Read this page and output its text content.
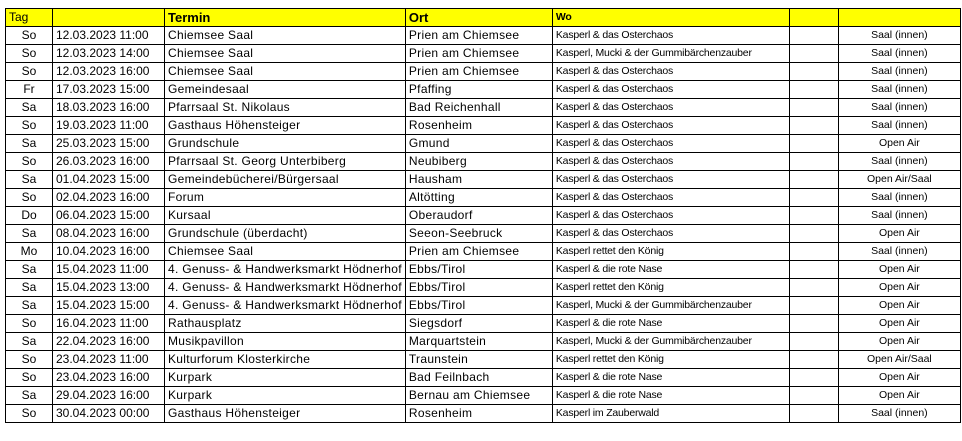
Tag		Termin	Ort	Wo		
So	12.03.2023 11:00	Chiemsee Saal	Prien am Chiemsee	Kasperl & das Osterchaos		Saal (innen)
So	12.03.2023 14:00	Chiemsee Saal	Prien am Chiemsee	Kasperl, Mucki & der Gummibärchenzauber		Saal (innen)
So	12.03.2023 16:00	Chiemsee Saal	Prien am Chiemsee	Kasperl & das Osterchaos		Saal (innen)
Fr	17.03.2023 15:00	Gemeindesaal	Pfaffing	Kasperl & das Osterchaos		Saal (innen)
Sa	18.03.2023 16:00	Pfarrsaal St. Nikolaus	Bad Reichenhall	Kasperl & das Osterchaos		Saal (innen)
So	19.03.2023 11:00	Gasthaus Höhensteiger	Rosenheim	Kasperl & das Osterchaos		Saal (innen)
Sa	25.03.2023 15:00	Grundschule	Gmund	Kasperl & das Osterchaos		Open Air
So	26.03.2023 16:00	Pfarrsaal St. Georg Unterbiberg	Neubiberg	Kasperl & das Osterchaos		Saal (innen)
Sa	01.04.2023 15:00	Gemeindebücherei/Bürgersaal	Hausham	Kasperl & das Osterchaos		Open Air/Saal
So	02.04.2023 16:00	Forum	Altötting	Kasperl & das Osterchaos		Saal (innen)
Do	06.04.2023 15:00	Kursaal	Oberaudorf	Kasperl & das Osterchaos		Saal (innen)
Sa	08.04.2023 16:00	Grundschule (überdacht)	Seeon-Seebruck	Kasperl & das Osterchaos		Open Air
Mo	10.04.2023 16:00	Chiemsee Saal	Prien am Chiemsee	Kasperl rettet den König		Saal (innen)
Sa	15.04.2023 11:00	4. Genuss- & Handwerksmarkt Hödnerhof	Ebbs/Tirol	Kasperl & die rote Nase		Open Air
Sa	15.04.2023 13:00	4. Genuss- & Handwerksmarkt Hödnerhof	Ebbs/Tirol	Kasperl rettet den König		Open Air
Sa	15.04.2023 15:00	4. Genuss- & Handwerksmarkt Hödnerhof	Ebbs/Tirol	Kasperl, Mucki & der Gummibärchenzauber		Open Air
So	16.04.2023 11:00	Rathausplatz	Siegsdorf	Kasperl & die rote Nase		Open Air
Sa	22.04.2023 16:00	Musikpavillon	Marquartstein	Kasperl, Mucki & der Gummibärchenzauber		Open Air
So	23.04.2023 11:00	Kulturforum Klosterkirche	Traunstein	Kasperl rettet den König		Open Air/Saal
So	23.04.2023 16:00	Kurpark	Bad Feilnbach	Kasperl & die rote Nase		Open Air
Sa	29.04.2023 16:00	Kurpark	Bernau am Chiemsee	Kasperl & die rote Nase		Open Air
So	30.04.2023 00:00	Gasthaus Höhensteiger	Rosenheim	Kasperl im Zauberwald		Saal (innen)
